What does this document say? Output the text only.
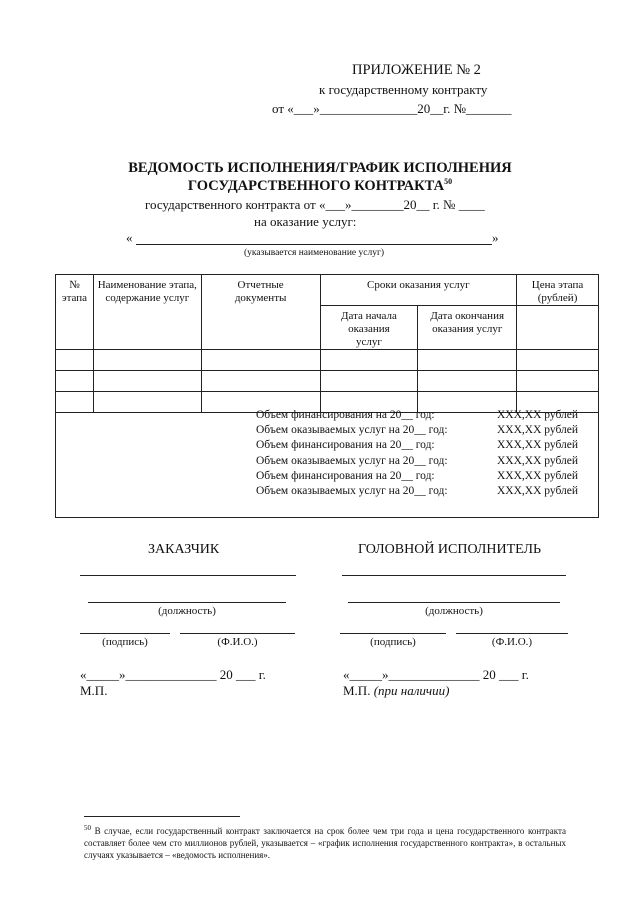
ПРИЛОЖЕНИЕ № 2
к государственному контракту
от «___»_______________20__г. №_______
ВЕДОМОСТЬ ИСПОЛНЕНИЯ/ГРАФИК ИСПОЛНЕНИЯ
ГОСУДАРСТВЕННОГО КОНТРАКТА$^{50}$
государственного контракта от «___»________20__ г. № ____
на оказание услуг:
«	»
(указывается наименование услуг)
№ этапа	Наименование этапа, содержание услуг	Отчетные документы	Сроки оказания услуг		Цена этапа (рублей)
			Дата начала оказания услуг	Дата окончания оказания услуг	

Объем финансирования на 20__ год:	XXX,XX рублей
Объем оказываемых услуг на 20__ год:	XXX,XX рублей
Объем финансирования на 20__ год:	XXX,XX рублей
Объем оказываемых услуг на 20__ год:	XXX,XX рублей
Объем финансирования на 20__ год:	XXX,XX рублей
Объем оказываемых услуг на 20__ год:	XXX,XX рублей
ЗАКАЗЧИК
(должность)
(подпись)	(Ф.И.О.)
«_____»______________ 20 ___ г.
М.П.
ГОЛОВНОЙ ИСПОЛНИТЕЛЬ
(должность)
(подпись)	(Ф.И.О.)
«_____»______________ 20 ___ г.
М.П. (при наличии)
$^{50}$ В случае, если государственный контракт заключается на срок более чем три года и цена государственного контракта составляет более чем сто миллионов рублей, указывается – «график исполнения государственного контракта», в остальных случаях указывается – «ведомость исполнения».
